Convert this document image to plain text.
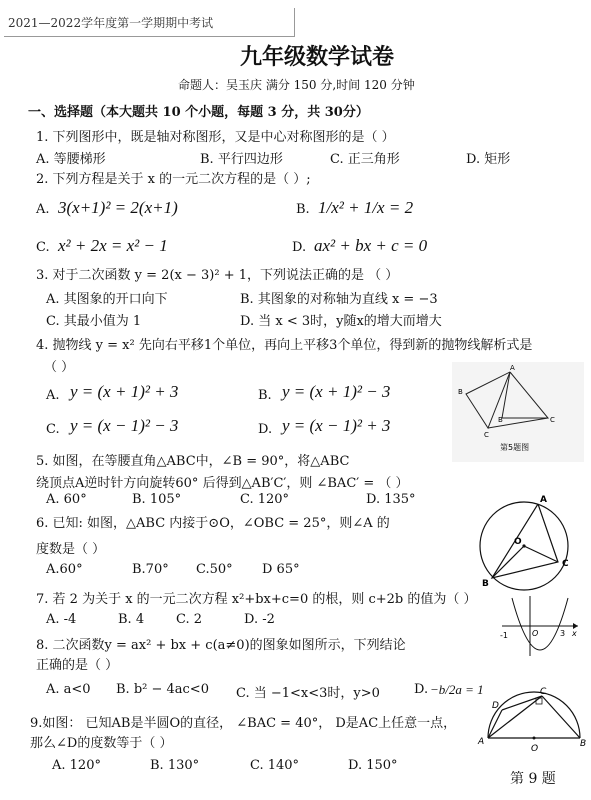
2021—2022学年度第一学期期中考试
九年级数学试卷
命题人：吴玉庆 满分 150 分,时间 120 分钟
一、选择题（本大题共 10 个小题，每题 3 分，共 30分）
1. 下列图形中，既是轴对称图形，又是中心对称图形的是（ ）
A. 等腰梯形	B. 平行四边形	C. 正三角形	D. 矩形
2. 下列方程是关于 x 的一元二次方程的是（ ）;
A. 3(x+1)² = 2(x+1)	B. 1/x² + 1/x = 2
C. x² + 2x = x² − 1	D. ax² + bx + c = 0
3. 对于二次函数 y = 2(x − 3)² + 1，下列说法正确的是 （ ）
A. 其图象的开口向下	B. 其图象的对称轴为直线 x = −3
C. 其最小值为 1	D. 当 x < 3时，y随x的增大而增大
4. 抛物线 y = x² 先向右平移1个单位，再向上平移3个单位，得到新的抛物线解析式是
（ ）
A. y = (x + 1)² + 3	B. y = (x + 1)² − 3
C. y = (x − 1)² − 3	D. y = (x − 1)² + 3
A
B
C
C
B
第5题图
5. 如图，在等腰直角△ABC中，∠B = 90°，将△ABC
绕顶点A逆时针方向旋转60° 后得到△AB′C′，则 ∠BAC′ = （ ）
A. 60°	B. 105°	C. 120°	D. 135°	A
O
B
C
6. 已知: 如图，△ABC 内接于⊙O，∠OBC = 25°，则∠A 的
度数是（ ）
A.60°	B.70° C.50° D 65°
-1	O	3 x
7. 若 2 为关于 x 的一元二次方程 x²+bx+c=0 的根，则 c+2b 的值为（ ）
A. -4	B. 4 C. 2	D. -2
8. 二次函数y = ax² + bx + c(a≠0)的图象如图所示，下列结论
正确的是（ ）
A. a<0 B. b² − 4ac<0 C. 当 −1<x<3时，y>0	D. −b/2a = 1
A
D
C
O	B
9.如图： 已知AB是半圆O的直径， ∠BAC = 40°， D是AC上任意一点，
那么∠D的度数等于（ ）
A. 120°	B. 130°	C. 140°	D. 150°
第 9 题
